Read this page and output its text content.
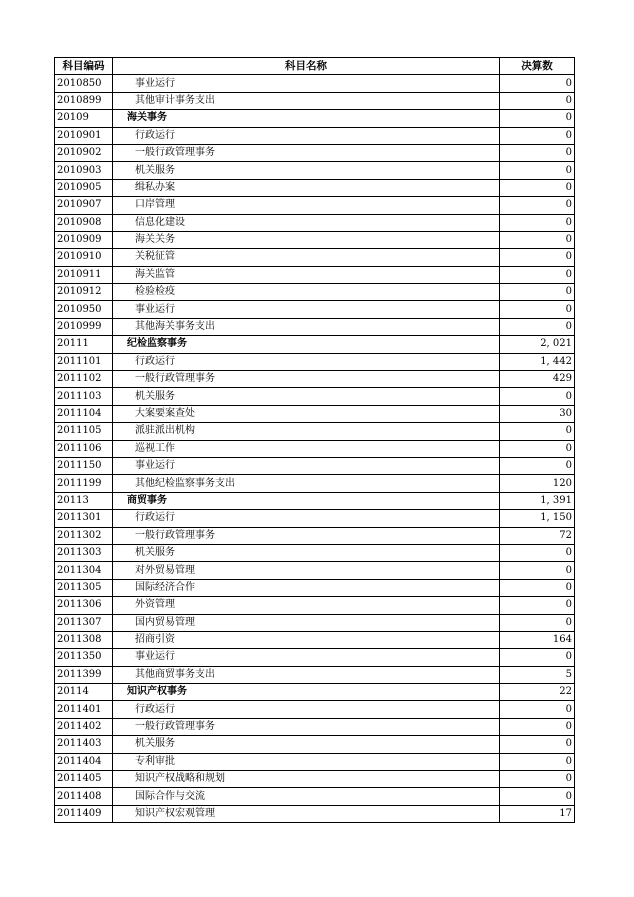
科目编码	科目名称	决算数
2010850	事业运行	0
2010899	其他审计事务支出	0
20109	海关事务	0
2010901	行政运行	0
2010902	一般行政管理事务	0
2010903	机关服务	0
2010905	缉私办案	0
2010907	口岸管理	0
2010908	信息化建设	0
2010909	海关关务	0
2010910	关税征管	0
2010911	海关监管	0
2010912	检验检疫	0
2010950	事业运行	0
2010999	其他海关事务支出	0
20111	纪检监察事务	2, 021
2011101	行政运行	1, 442
2011102	一般行政管理事务	429
2011103	机关服务	0
2011104	大案要案查处	30
2011105	派驻派出机构	0
2011106	巡视工作	0
2011150	事业运行	0
2011199	其他纪检监察事务支出	120
20113	商贸事务	1, 391
2011301	行政运行	1, 150
2011302	一般行政管理事务	72
2011303	机关服务	0
2011304	对外贸易管理	0
2011305	国际经济合作	0
2011306	外资管理	0
2011307	国内贸易管理	0
2011308	招商引资	164
2011350	事业运行	0
2011399	其他商贸事务支出	5
20114	知识产权事务	22
2011401	行政运行	0
2011402	一般行政管理事务	0
2011403	机关服务	0
2011404	专利审批	0
2011405	知识产权战略和规划	0
2011408	国际合作与交流	0
2011409	知识产权宏观管理	17
